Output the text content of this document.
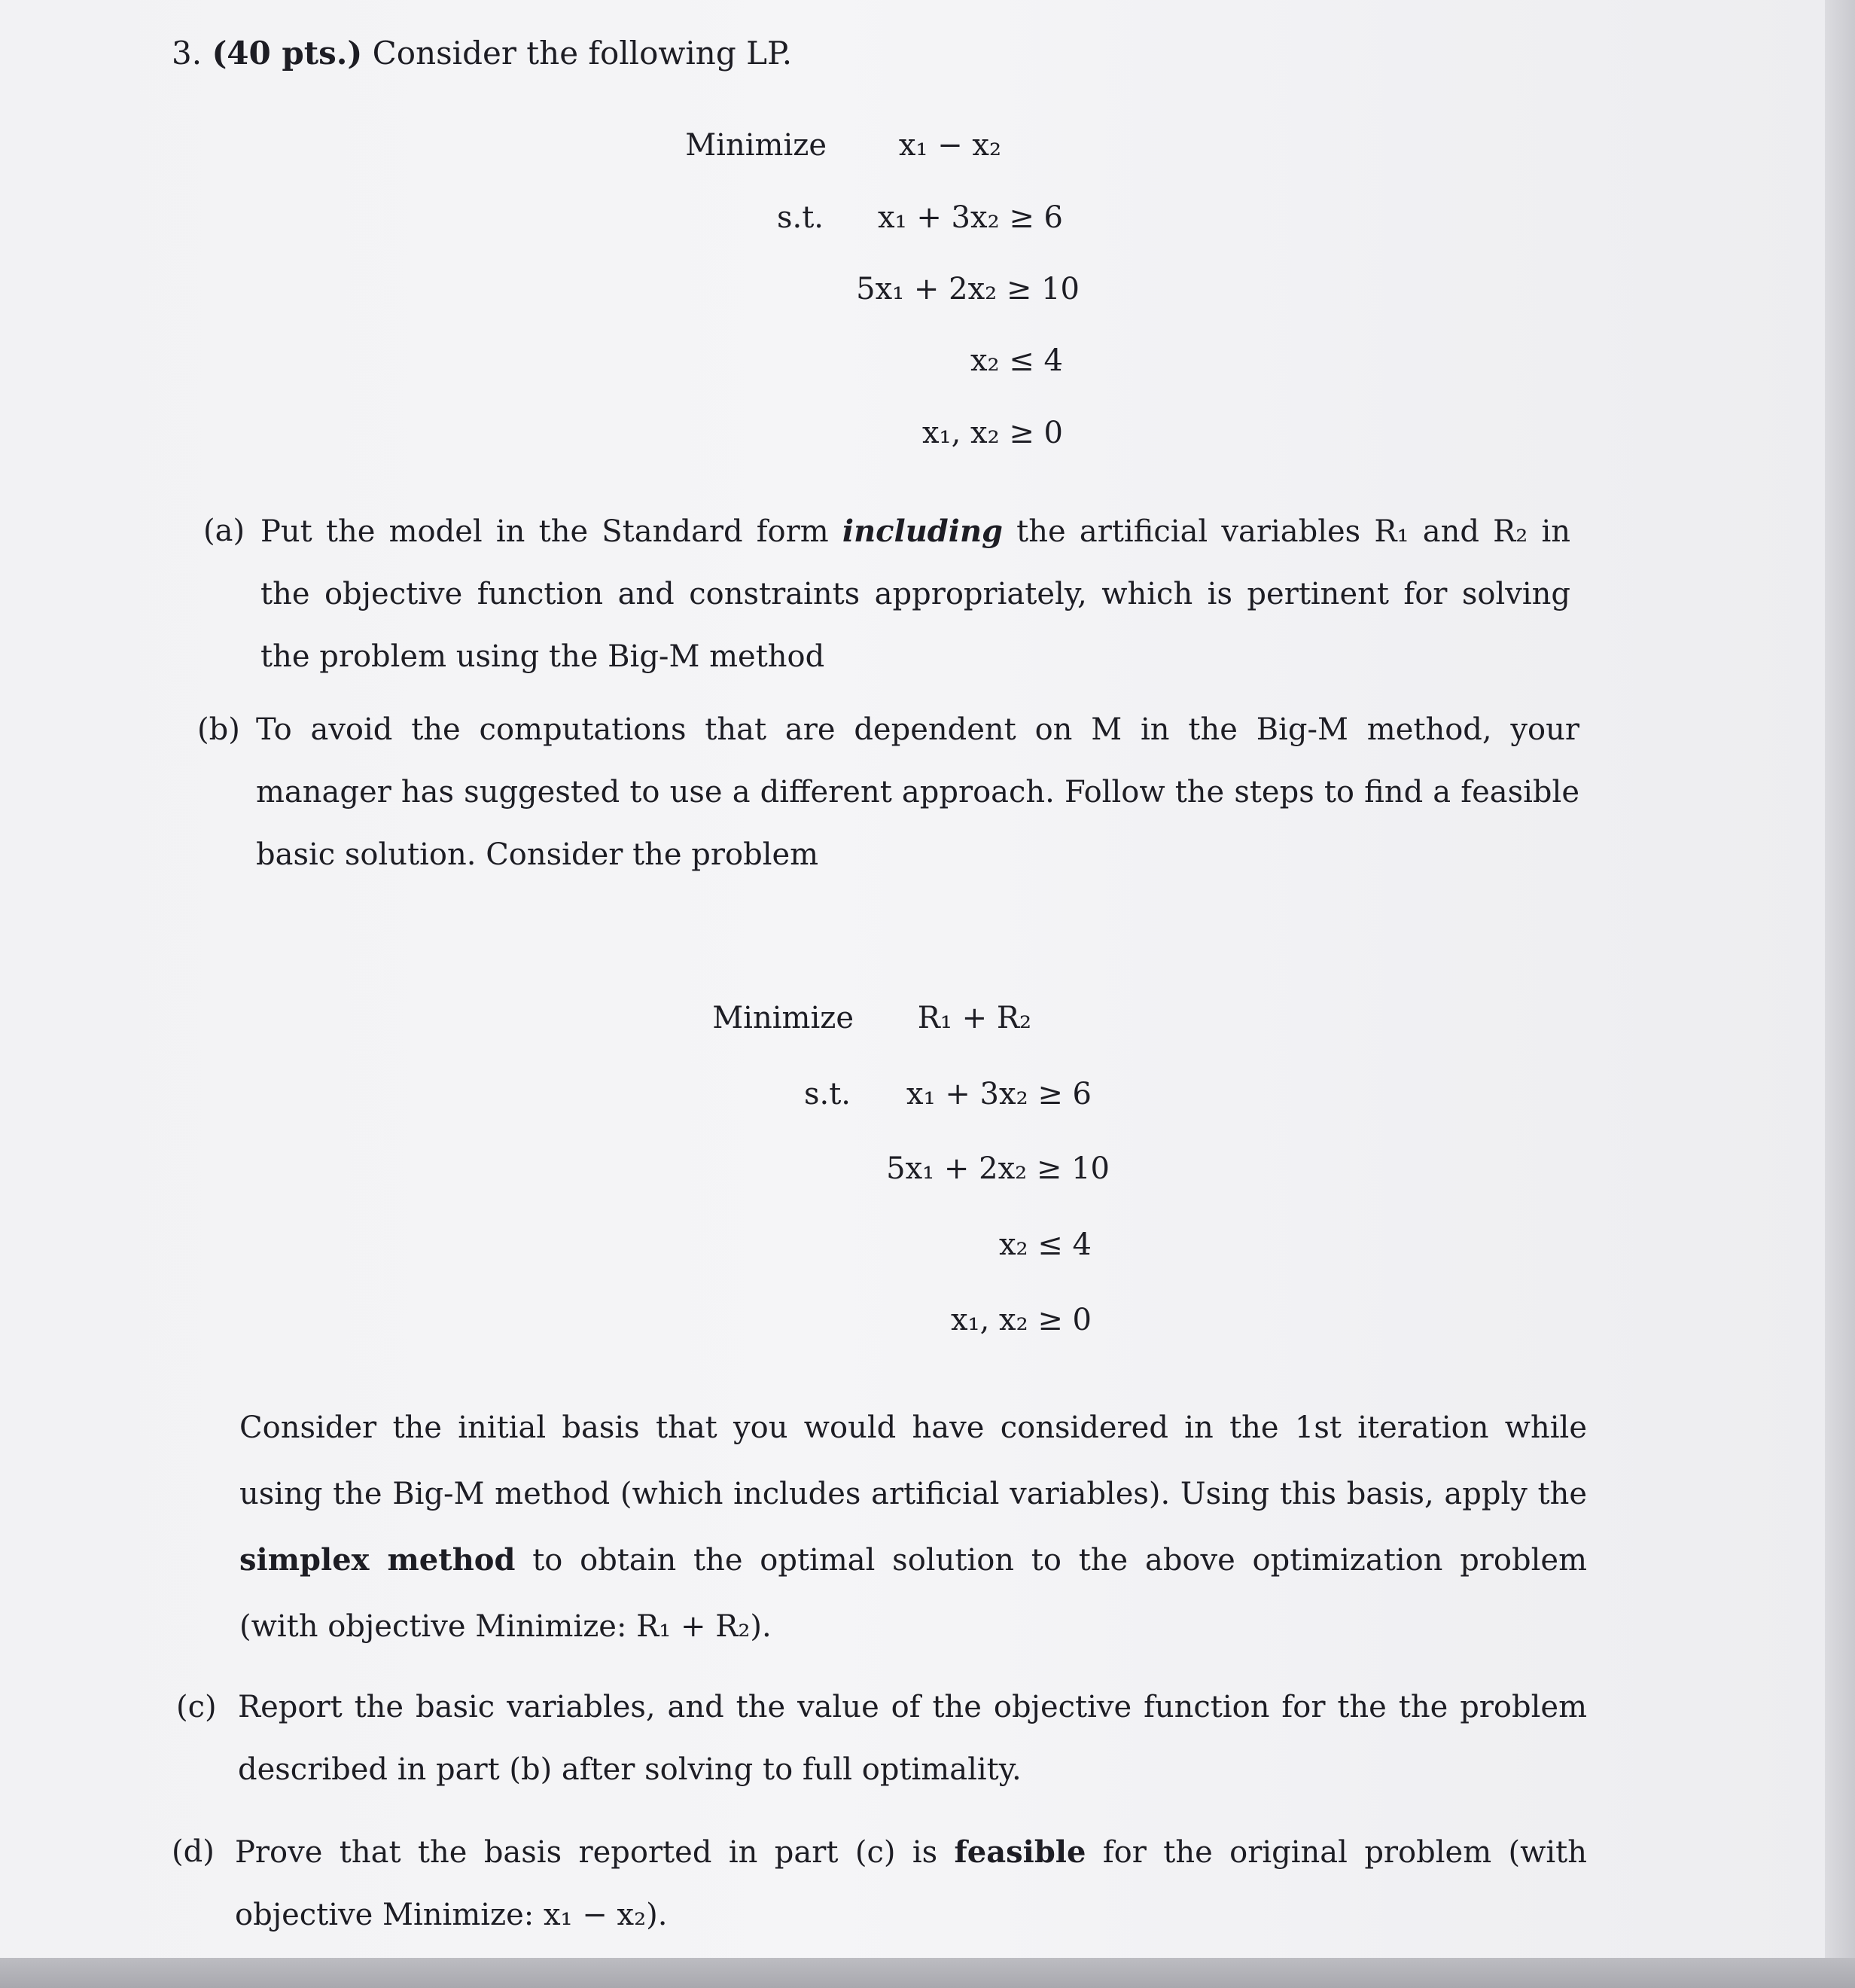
3. (40 pts.) Consider the following LP.
Minimize x₁ − x₂
s.t. x₁ + 3x₂ ≥ 6
5x₁ + 2x₂ ≥ 10
x₂ ≤ 4
x₁, x₂ ≥ 0
(a) Put the model in the Standard form including the artificial variables R₁ and R₂ in the objective function and constraints appropriately, which is pertinent for solving the problem using the Big-M method
(b) To avoid the computations that are dependent on M in the Big-M method, your manager has suggested to use a different approach. Follow the steps to find a feasible basic solution. Consider the problem
Minimize R₁ + R₂
s.t. x₁ + 3x₂ ≥ 6
5x₁ + 2x₂ ≥ 10
x₂ ≤ 4
x₁, x₂ ≥ 0
Consider the initial basis that you would have considered in the 1st iteration while using the Big-M method (which includes artificial variables). Using this basis, apply the simplex method to obtain the optimal solution to the above optimization problem (with objective Minimize: R₁ + R₂).
(c) Report the basic variables, and the value of the objective function for the the problem described in part (b) after solving to full optimality.
(d) Prove that the basis reported in part (c) is feasible for the original problem (with objective Minimize: x₁ − x₂).
